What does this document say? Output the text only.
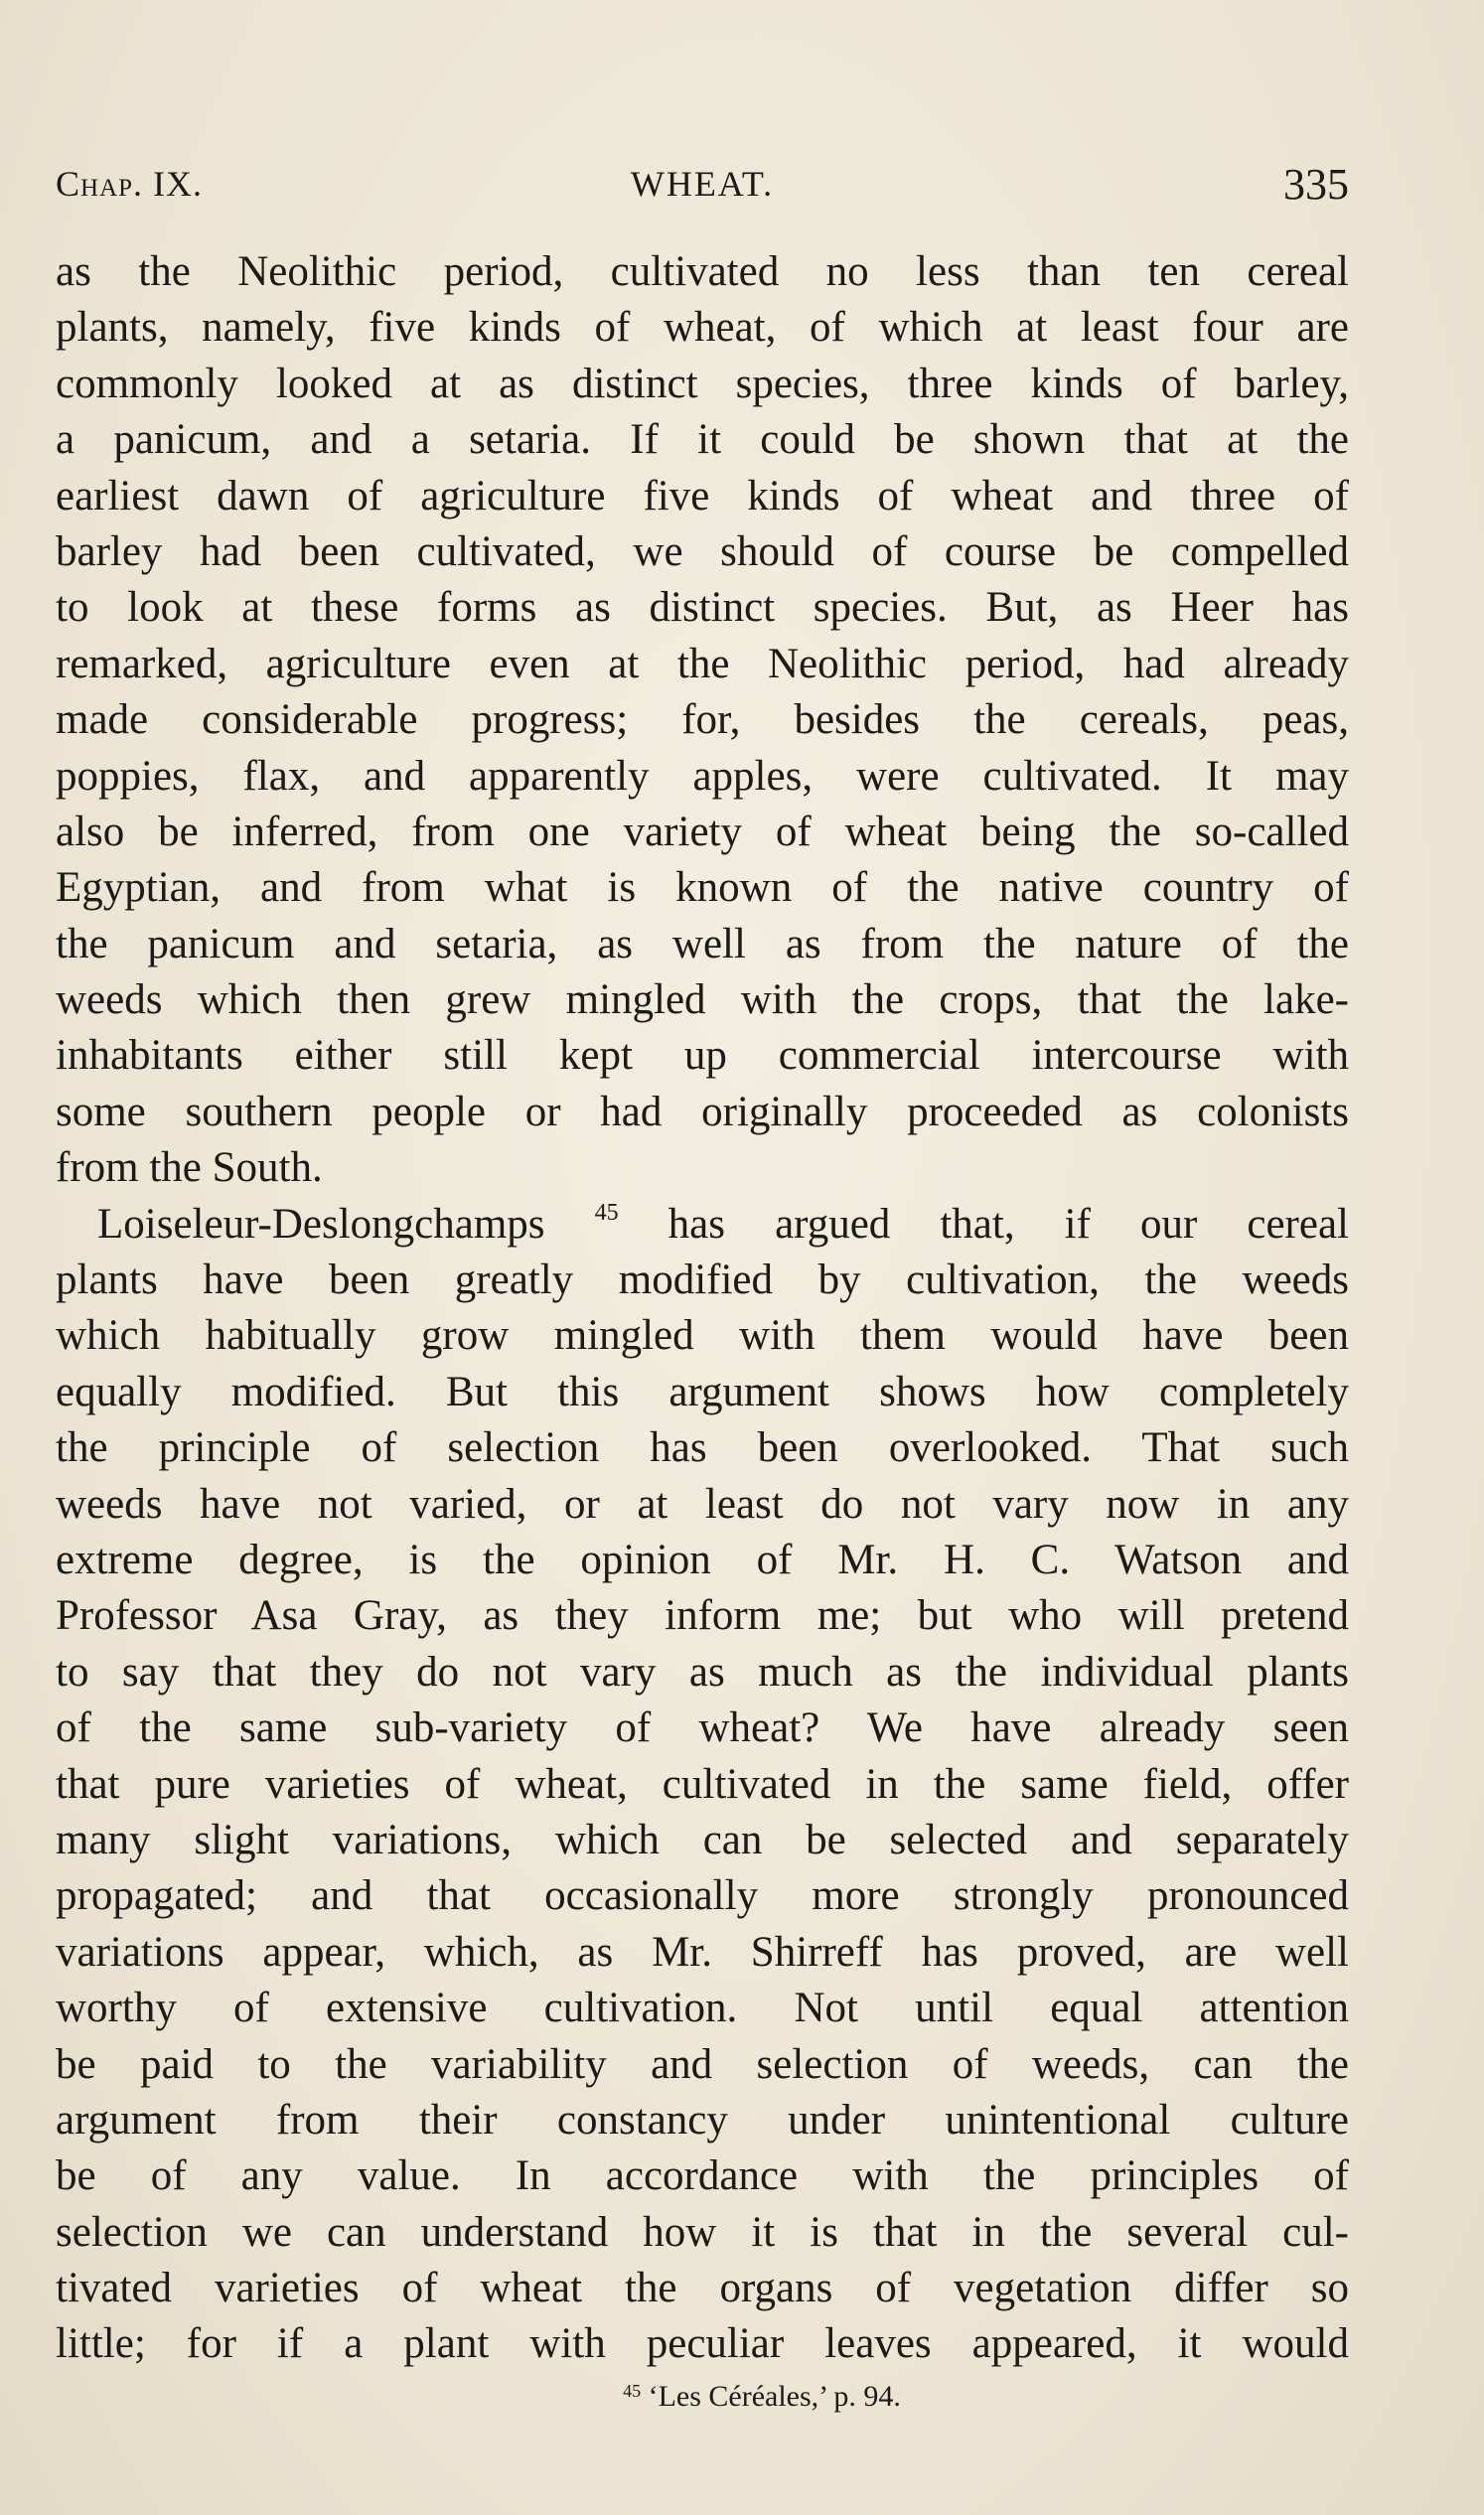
Chap. IX.	WHEAT.	335
as the Neolithic period, cultivated no less than ten cereal
plants, namely, five kinds of wheat, of which at least four are
commonly looked at as distinct species, three kinds of barley,
a panicum, and a setaria. If it could be shown that at the
earliest dawn of agriculture five kinds of wheat and three of
barley had been cultivated, we should of course be compelled
to look at these forms as distinct species. But, as Heer has
remarked, agriculture even at the Neolithic period, had already
made considerable progress; for, besides the cereals, peas,
poppies, flax, and apparently apples, were cultivated. It may
also be inferred, from one variety of wheat being the so-called
Egyptian, and from what is known of the native country of
the panicum and setaria, as well as from the nature of the
weeds which then grew mingled with the crops, that the lake-
inhabitants either still kept up commercial intercourse with
some southern people or had originally proceeded as colonists
from the South.
Loiseleur-Deslongchamps $^{45}$ has argued that, if our cereal
plants have been greatly modified by cultivation, the weeds
which habitually grow mingled with them would have been
equally modified. But this argument shows how completely
the principle of selection has been overlooked. That such
weeds have not varied, or at least do not vary now in any
extreme degree, is the opinion of Mr. H. C. Watson and
Professor Asa Gray, as they inform me; but who will pretend
to say that they do not vary as much as the individual plants
of the same sub-variety of wheat? We have already seen
that pure varieties of wheat, cultivated in the same field, offer
many slight variations, which can be selected and separately
propagated; and that occasionally more strongly pronounced
variations appear, which, as Mr. Shirreff has proved, are well
worthy of extensive cultivation. Not until equal attention
be paid to the variability and selection of weeds, can the
argument from their constancy under unintentional culture
be of any value. In accordance with the principles of
selection we can understand how it is that in the several cul-
tivated varieties of wheat the organs of vegetation differ so
little; for if a plant with peculiar leaves appeared, it would
$^{45}$ ‘Les Céréales,’ p. 94.
